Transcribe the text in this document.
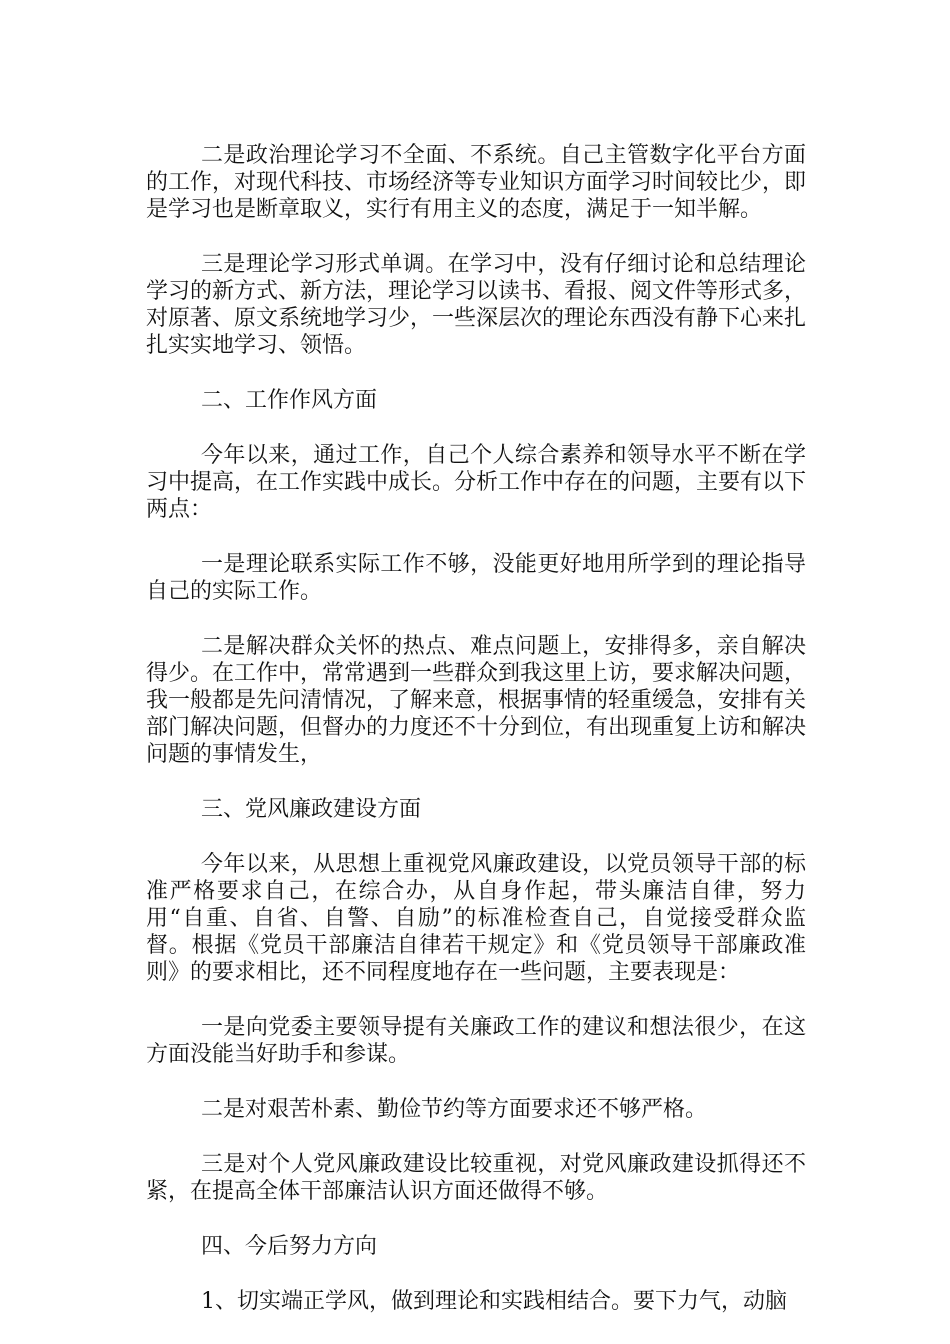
二是政治理论学习不全面、不系统。自己主管数字化平台方面的工作，对现代科技、市场经济等专业知识方面学习时间较比少，即是学习也是断章取义，实行有用主义的态度，满足于一知半解。

三是理论学习形式单调。在学习中，没有仔细讨论和总结理论学习的新方式、新方法，理论学习以读书、看报、阅文件等形式多，对原著、原文系统地学习少，一些深层次的理论东西没有静下心来扎扎实实地学习、领悟。

二、工作作风方面

今年以来，通过工作，自己个人综合素养和领导水平不断在学习中提高，在工作实践中成长。分析工作中存在的问题，主要有以下两点：

一是理论联系实际工作不够，没能更好地用所学到的理论指导自己的实际工作。

二是解决群众关怀的热点、难点问题上，安排得多，亲自解决得少。在工作中，常常遇到一些群众到我这里上访，要求解决问题，我一般都是先问清情况，了解来意，根据事情的轻重缓急，安排有关部门解决问题，但督办的力度还不十分到位，有出现重复上访和解决问题的事情发生，

三、党风廉政建设方面

今年以来，从思想上重视党风廉政建设，以党员领导干部的标准严格要求自己，在综合办，从自身作起，带头廉洁自律，努力用“自重、自省、自警、自励”的标准检查自己，自觉接受群众监督。根据《党员干部廉洁自律若干规定》和《党员领导干部廉政准则》的要求相比，还不同程度地存在一些问题，主要表现是：

一是向党委主要领导提有关廉政工作的建议和想法很少，在这方面没能当好助手和参谋。

二是对艰苦朴素、勤俭节约等方面要求还不够严格。

三是对个人党风廉政建设比较重视，对党风廉政建设抓得还不紧，在提高全体干部廉洁认识方面还做得不够。

四、今后努力方向

1、切实端正学风，做到理论和实践相结合。要下力气，动脑
